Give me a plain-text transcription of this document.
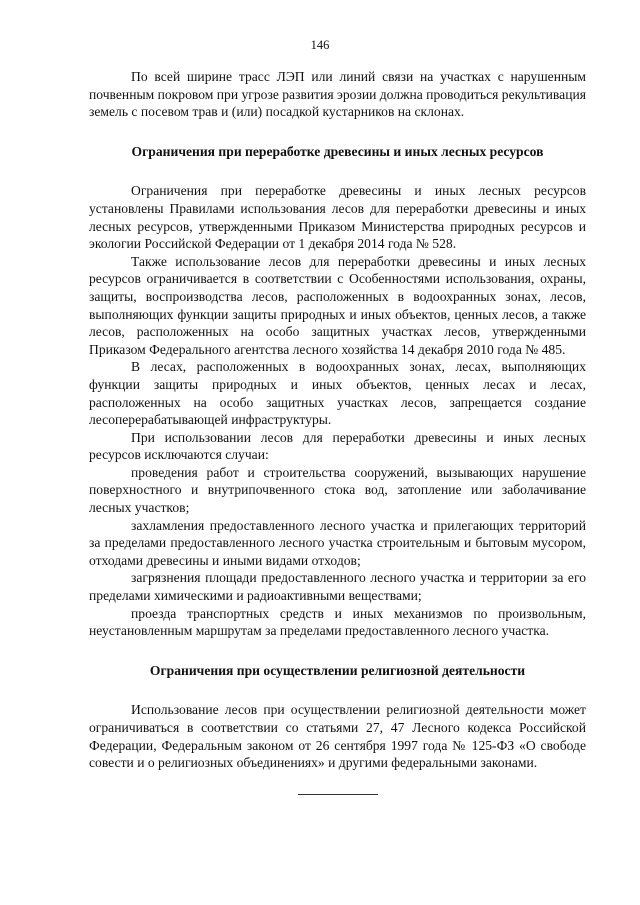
146

По всей ширине трасс ЛЭП или линий связи на участках с нарушенным почвенным покровом при угрозе развития эрозии должна проводиться рекультивация земель с посевом трав и (или) посадкой кустарников на склонах.

Ограничения при переработке древесины и иных лесных ресурсов

Ограничения при переработке древесины и иных лесных ресурсов установлены Правилами использования лесов для переработки древесины и иных лесных ресурсов, утвержденными Приказом Министерства природных ресурсов и экологии Российской Федерации от 1 декабря 2014 года № 528.

Также использование лесов для переработки древесины и иных лесных ресурсов ограничивается в соответствии с Особенностями использования, охраны, защиты, воспроизводства лесов, расположенных в водоохранных зонах, лесов, выполняющих функции защиты природных и иных объектов, ценных лесов, а также лесов, расположенных на особо защитных участках лесов, утвержденными Приказом Федерального агентства лесного хозяйства 14 декабря 2010 года № 485.

В лесах, расположенных в водоохранных зонах, лесах, выполняющих функции защиты природных и иных объектов, ценных лесах и лесах, расположенных на особо защитных участках лесов, запрещается создание лесоперерабатывающей инфраструктуры.

При использовании лесов для переработки древесины и иных лесных ресурсов исключаются случаи:

проведения работ и строительства сооружений, вызывающих нарушение поверхностного и внутрипочвенного стока вод, затопление или заболачивание лесных участков;

захламления предоставленного лесного участка и прилегающих территорий за пределами предоставленного лесного участка строительным и бытовым мусором, отходами древесины и иными видами отходов;

загрязнения площади предоставленного лесного участка и территории за его пределами химическими и радиоактивными веществами;

проезда транспортных средств и иных механизмов по произвольным, неустановленным маршрутам за пределами предоставленного лесного участка.

Ограничения при осуществлении религиозной деятельности

Использование лесов при осуществлении религиозной деятельности может ограничиваться в соответствии со статьями 27, 47 Лесного кодекса Российской Федерации, Федеральным законом от 26 сентября 1997 года № 125-ФЗ «О свободе совести и о религиозных объединениях» и другими федеральными законами.
